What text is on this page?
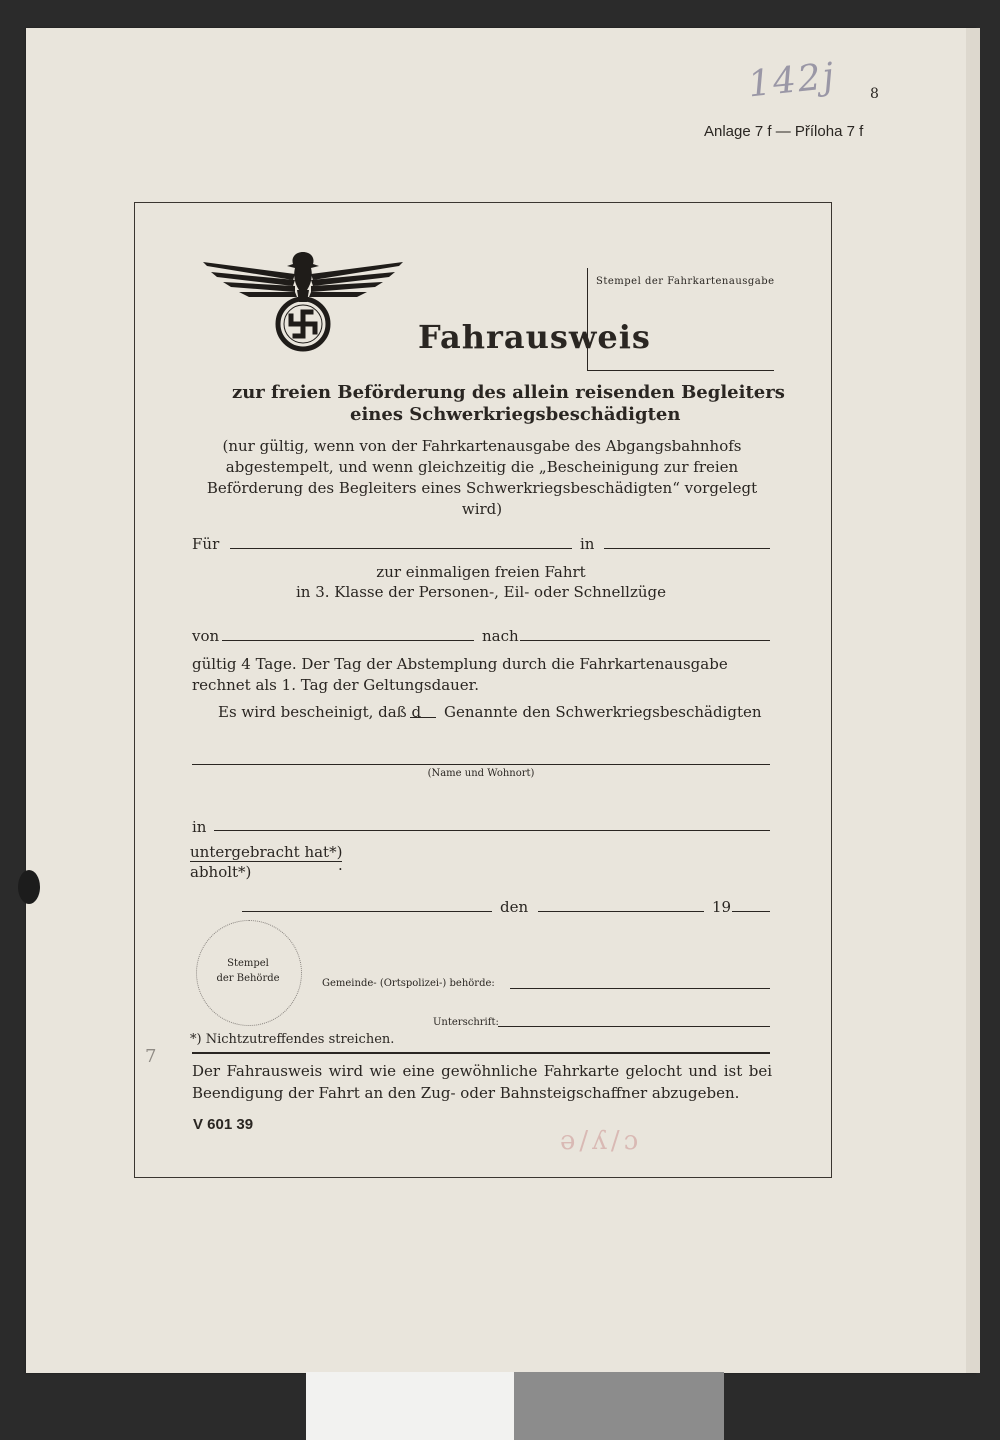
142j 8
Anlage 7 f — Příloha 7 f
Stempel der Fahrkartenausgabe
Fahrausweis
zur freien Beförderung des allein reisenden Begleiters
eines Schwerkriegsbeschädigten
(nur gültig, wenn von der Fahrkartenausgabe des Abgangsbahnhofs abgestempelt, und wenn gleichzeitig die „Bescheinigung zur freien Beförderung des Begleiters eines Schwerkriegsbeschädigten“ vorgelegt wird)
Für	in
zur einmaligen freien Fahrt
in 3. Klasse der Personen-, Eil- oder Schnellzüge
von	nach
gültig 4 Tage. Der Tag der Abstemplung durch die Fahrkartenausgabe rechnet als 1. Tag der Geltungsdauer.
Es wird bescheinigt, daß d Genannte den Schwerkriegsbeschädigten
(Name und Wohnort)
in
untergebracht hat*)
abholt*)	.
den	19
Stempel
der Behörde	Gemeinde- (Ortspolizei-) behörde:
Unterschrift:
*) Nichtzutreffendes streichen.
Der Fahrausweis wird wie eine gewöhnliche Fahrkarte gelocht und ist bei Beendigung der Fahrt an den Zug- oder Bahnsteigschaffner abzugeben.
V 601 39
7
ǝ/ʎ/ɔ
